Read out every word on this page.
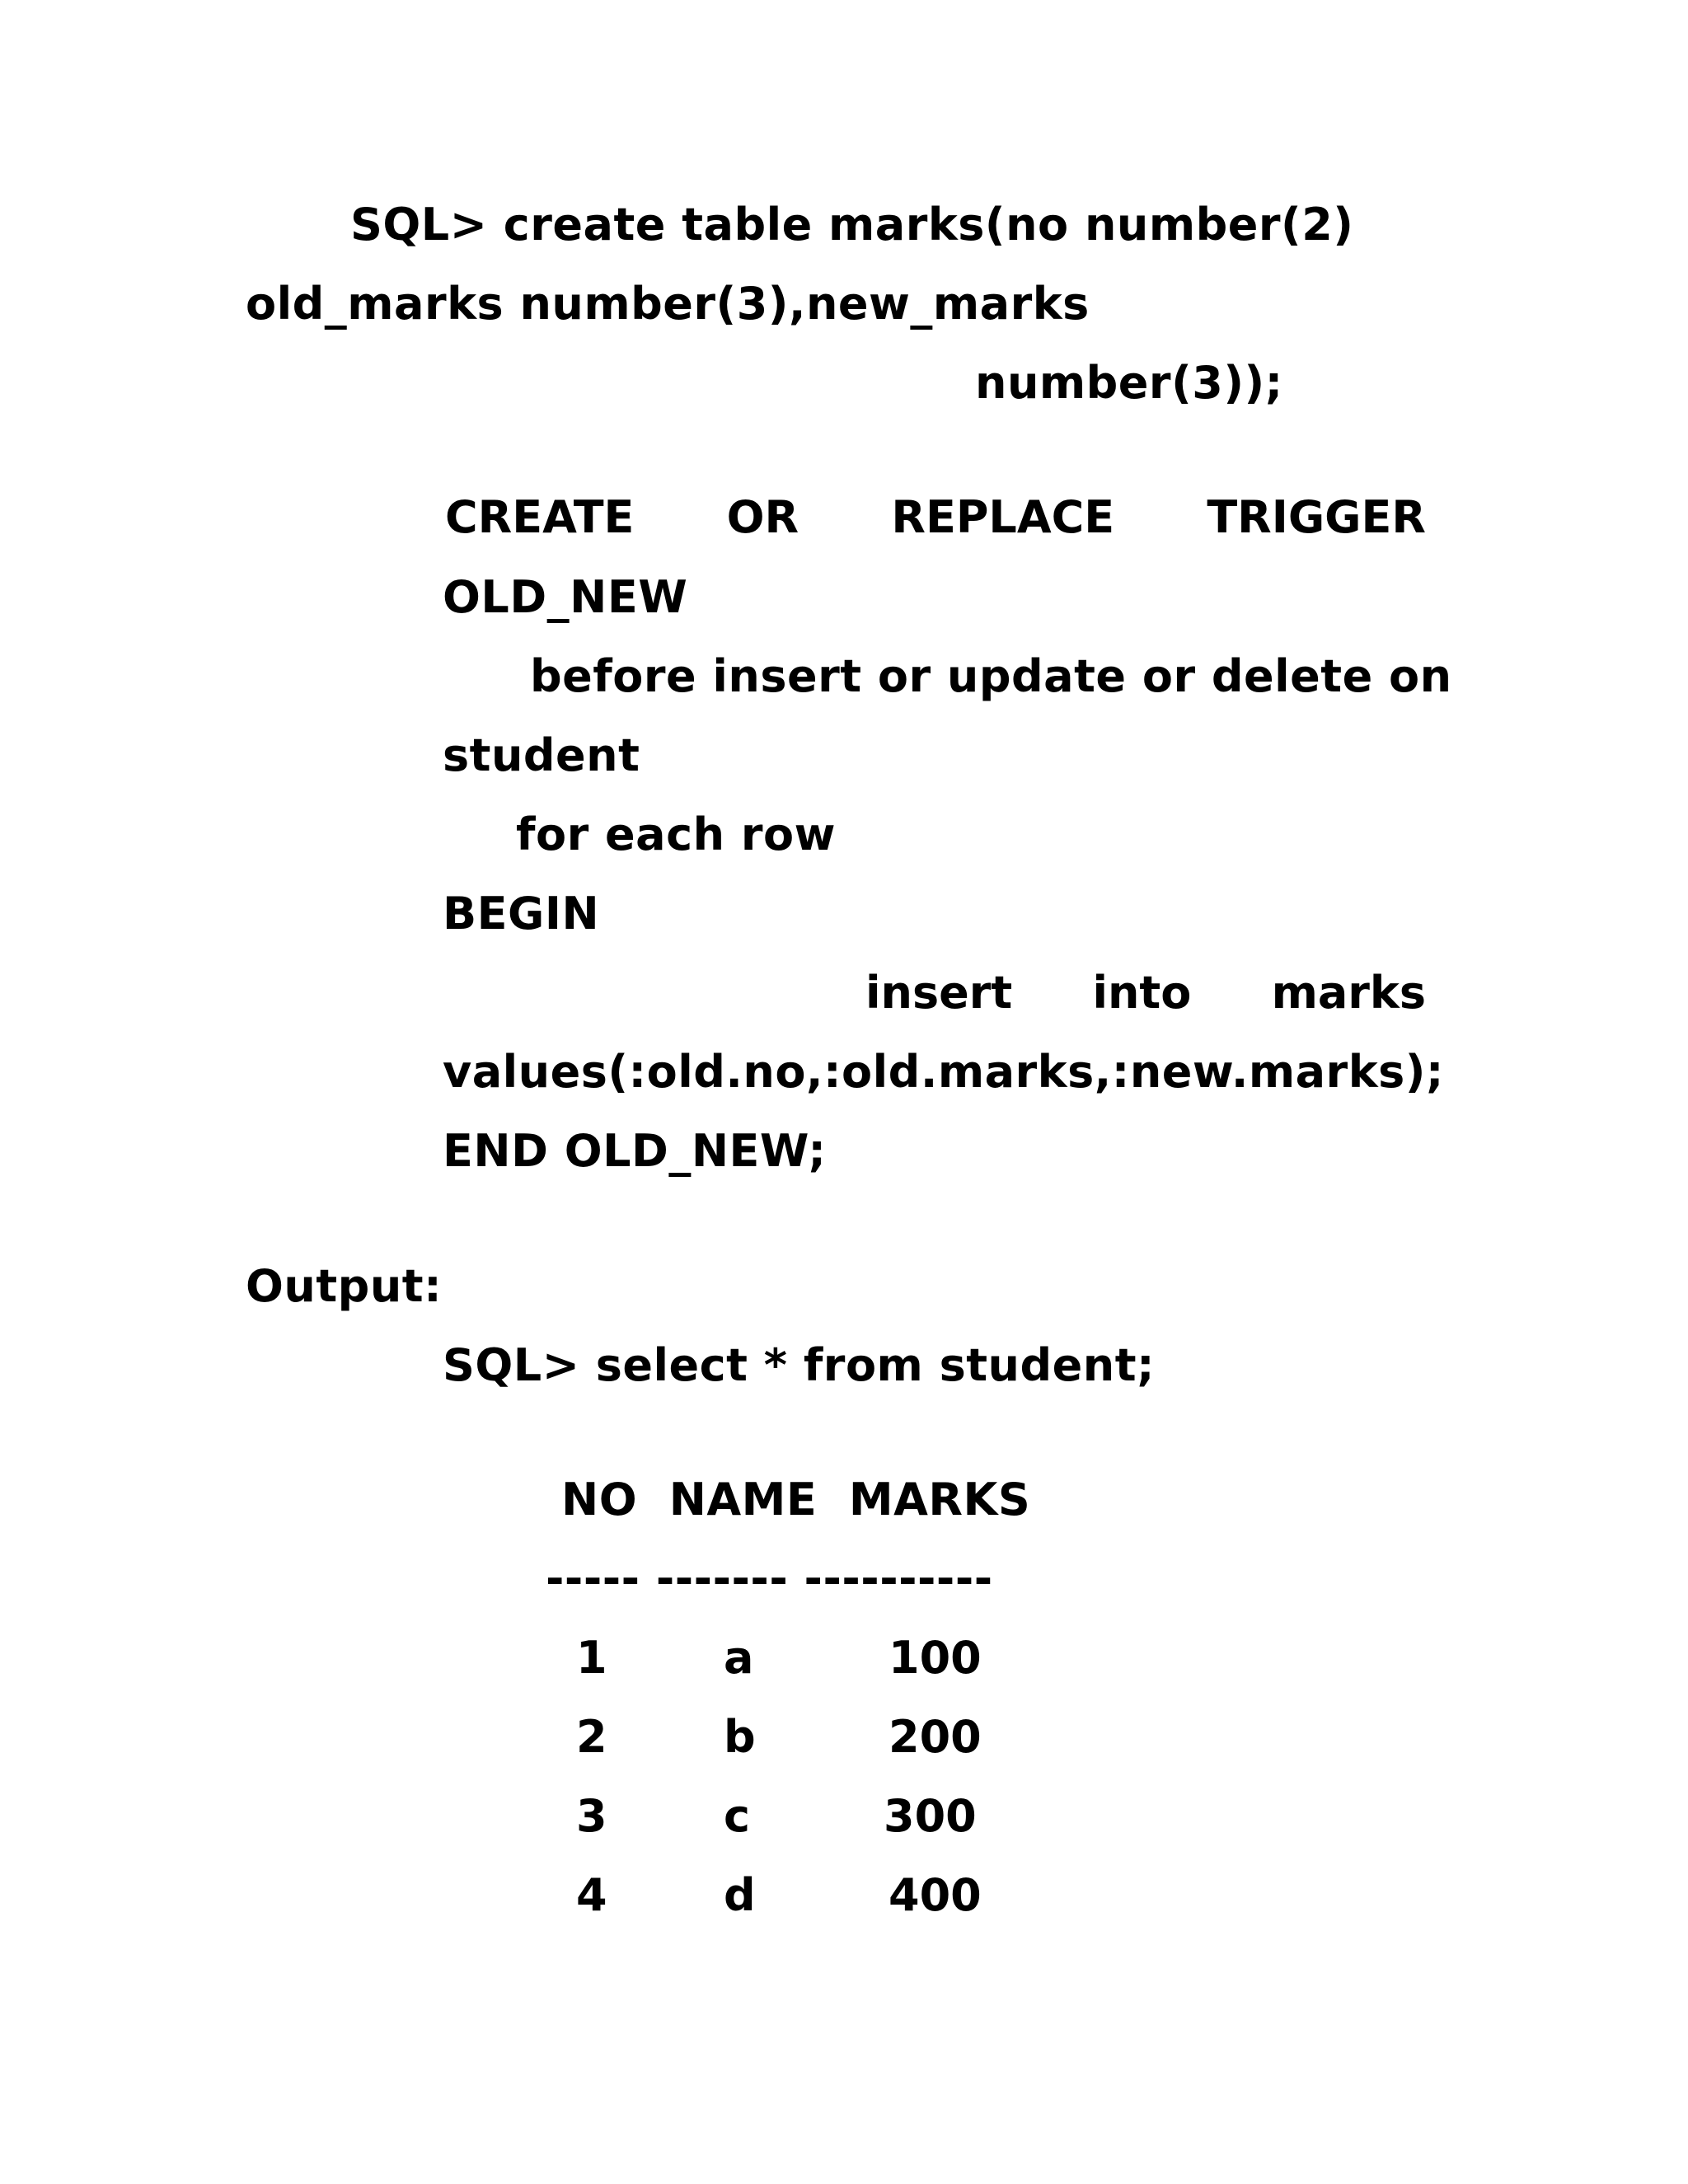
SQL> create table marks(no number(2)
old_marks number(3),new_marks
number(3));
CREATE OR REPLACE TRIGGER
OLD_NEW
before insert or update or delete on
student
for each row
BEGIN
insert into marks
values(:old.no,:old.marks,:new.marks);
END OLD_NEW;
Output:
SQL> select * from student;
NO  NAME  MARKS
----- ------- ----------
1	a	100
2	b	200
3	c	300
4	d	400
